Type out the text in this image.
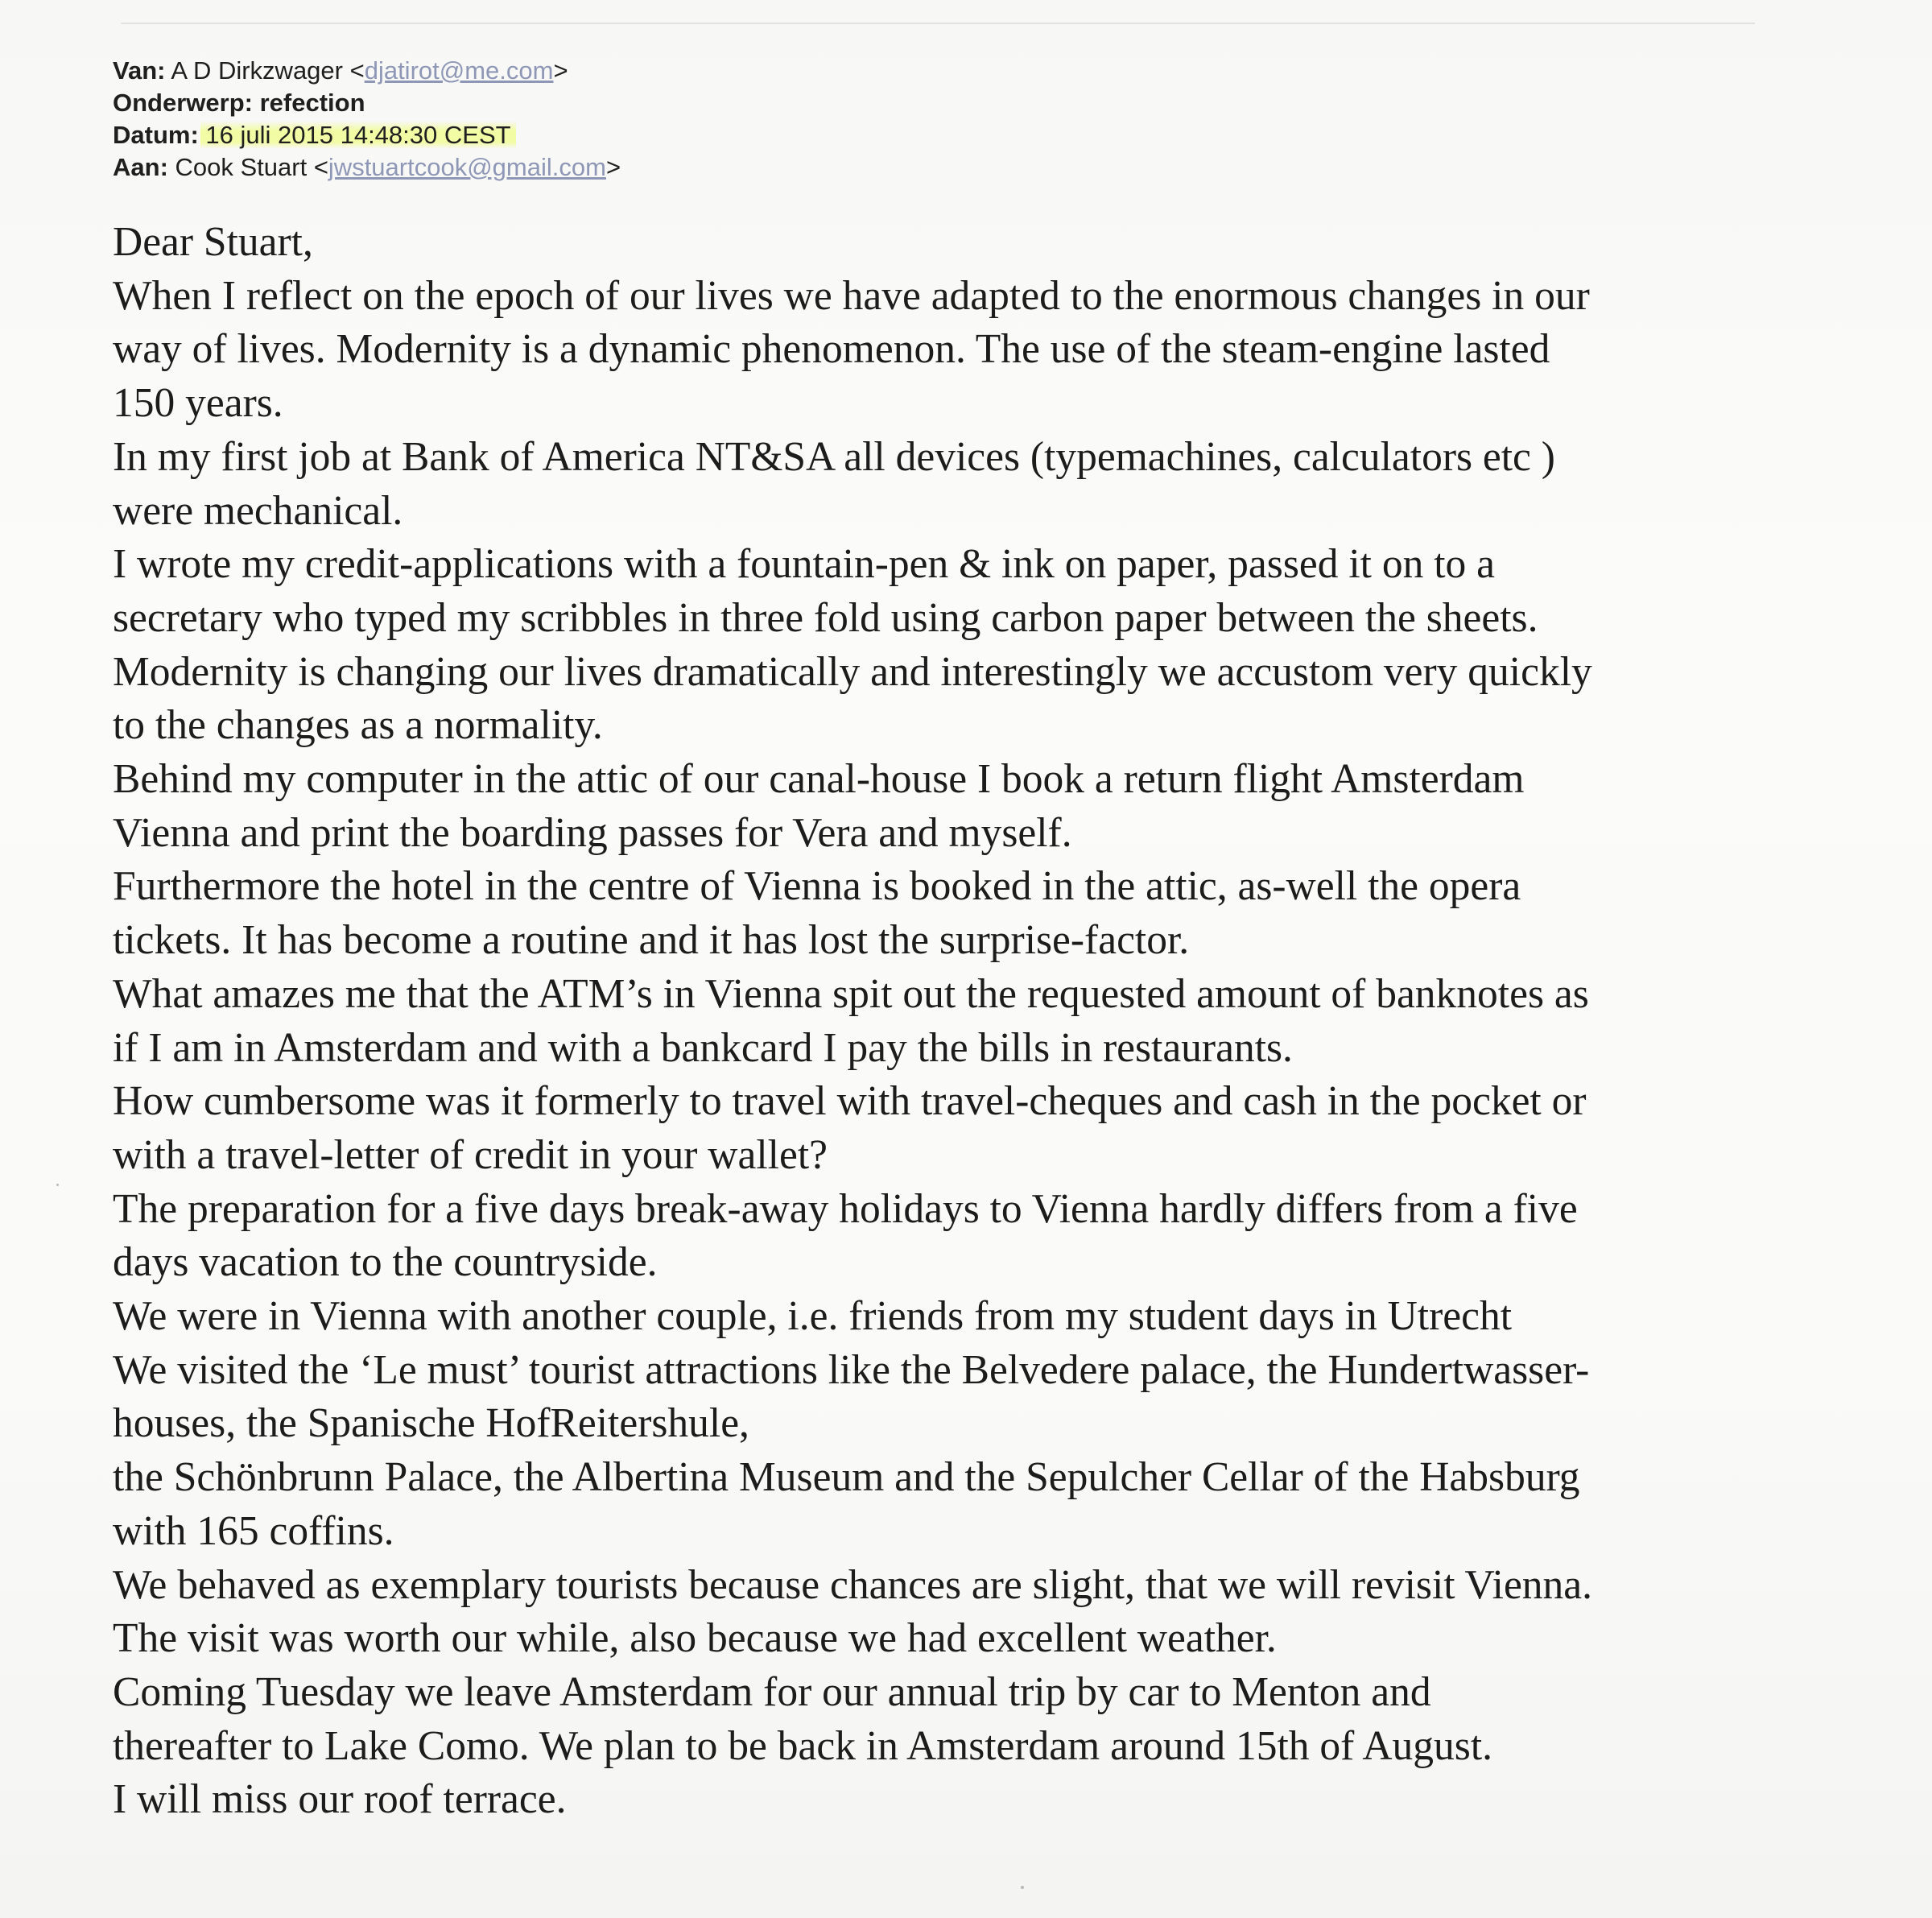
Van: A D Dirkzwager <djatirot@me.com>
Onderwerp: refection
Datum: 16 juli 2015 14:48:30 CEST
Aan: Cook Stuart <jwstuartcook@gmail.com>
Dear Stuart,
When I reflect on the epoch of our lives we have adapted to the enormous changes in our
way of lives. Modernity is a dynamic phenomenon. The use of the steam-engine lasted
150 years.
In my first job at Bank of America NT&SA all devices (typemachines, calculators etc )
were mechanical.
I wrote my credit-applications with a fountain-pen & ink on paper, passed it on to a
secretary who typed my scribbles in three fold using carbon paper between the sheets.
Modernity is changing our lives dramatically and interestingly we accustom very quickly
to the changes as a normality.
Behind my computer in the attic of our canal-house I book a return flight Amsterdam
Vienna and print the boarding passes for Vera and myself.
Furthermore the hotel in the centre of Vienna is booked in the attic, as-well the opera
tickets. It has become a routine and it has lost the surprise-factor.
What amazes me that the ATM’s in Vienna spit out the requested amount of banknotes as
if I am in Amsterdam and with a bankcard I pay the bills in restaurants.
How cumbersome was it formerly to travel with travel-cheques and cash in the pocket or
with a travel-letter of credit in your wallet?
The preparation for a five days break-away holidays to Vienna hardly differs from a five
days vacation to the countryside.
We were in Vienna with another couple, i.e. friends from my student days in Utrecht
We visited the ‘Le must’ tourist attractions like the Belvedere palace, the Hundertwasser-
houses, the Spanische HofReitershule,
the Schönbrunn Palace, the Albertina Museum and the Sepulcher Cellar of the Habsburg
with 165 coffins.
We behaved as exemplary tourists because chances are slight, that we will revisit Vienna.
The visit was worth our while, also because we had excellent weather.
Coming Tuesday we leave Amsterdam for our annual trip by car to Menton and
thereafter to Lake Como. We plan to be back in Amsterdam around 15th of August.
I will miss our roof terrace.
